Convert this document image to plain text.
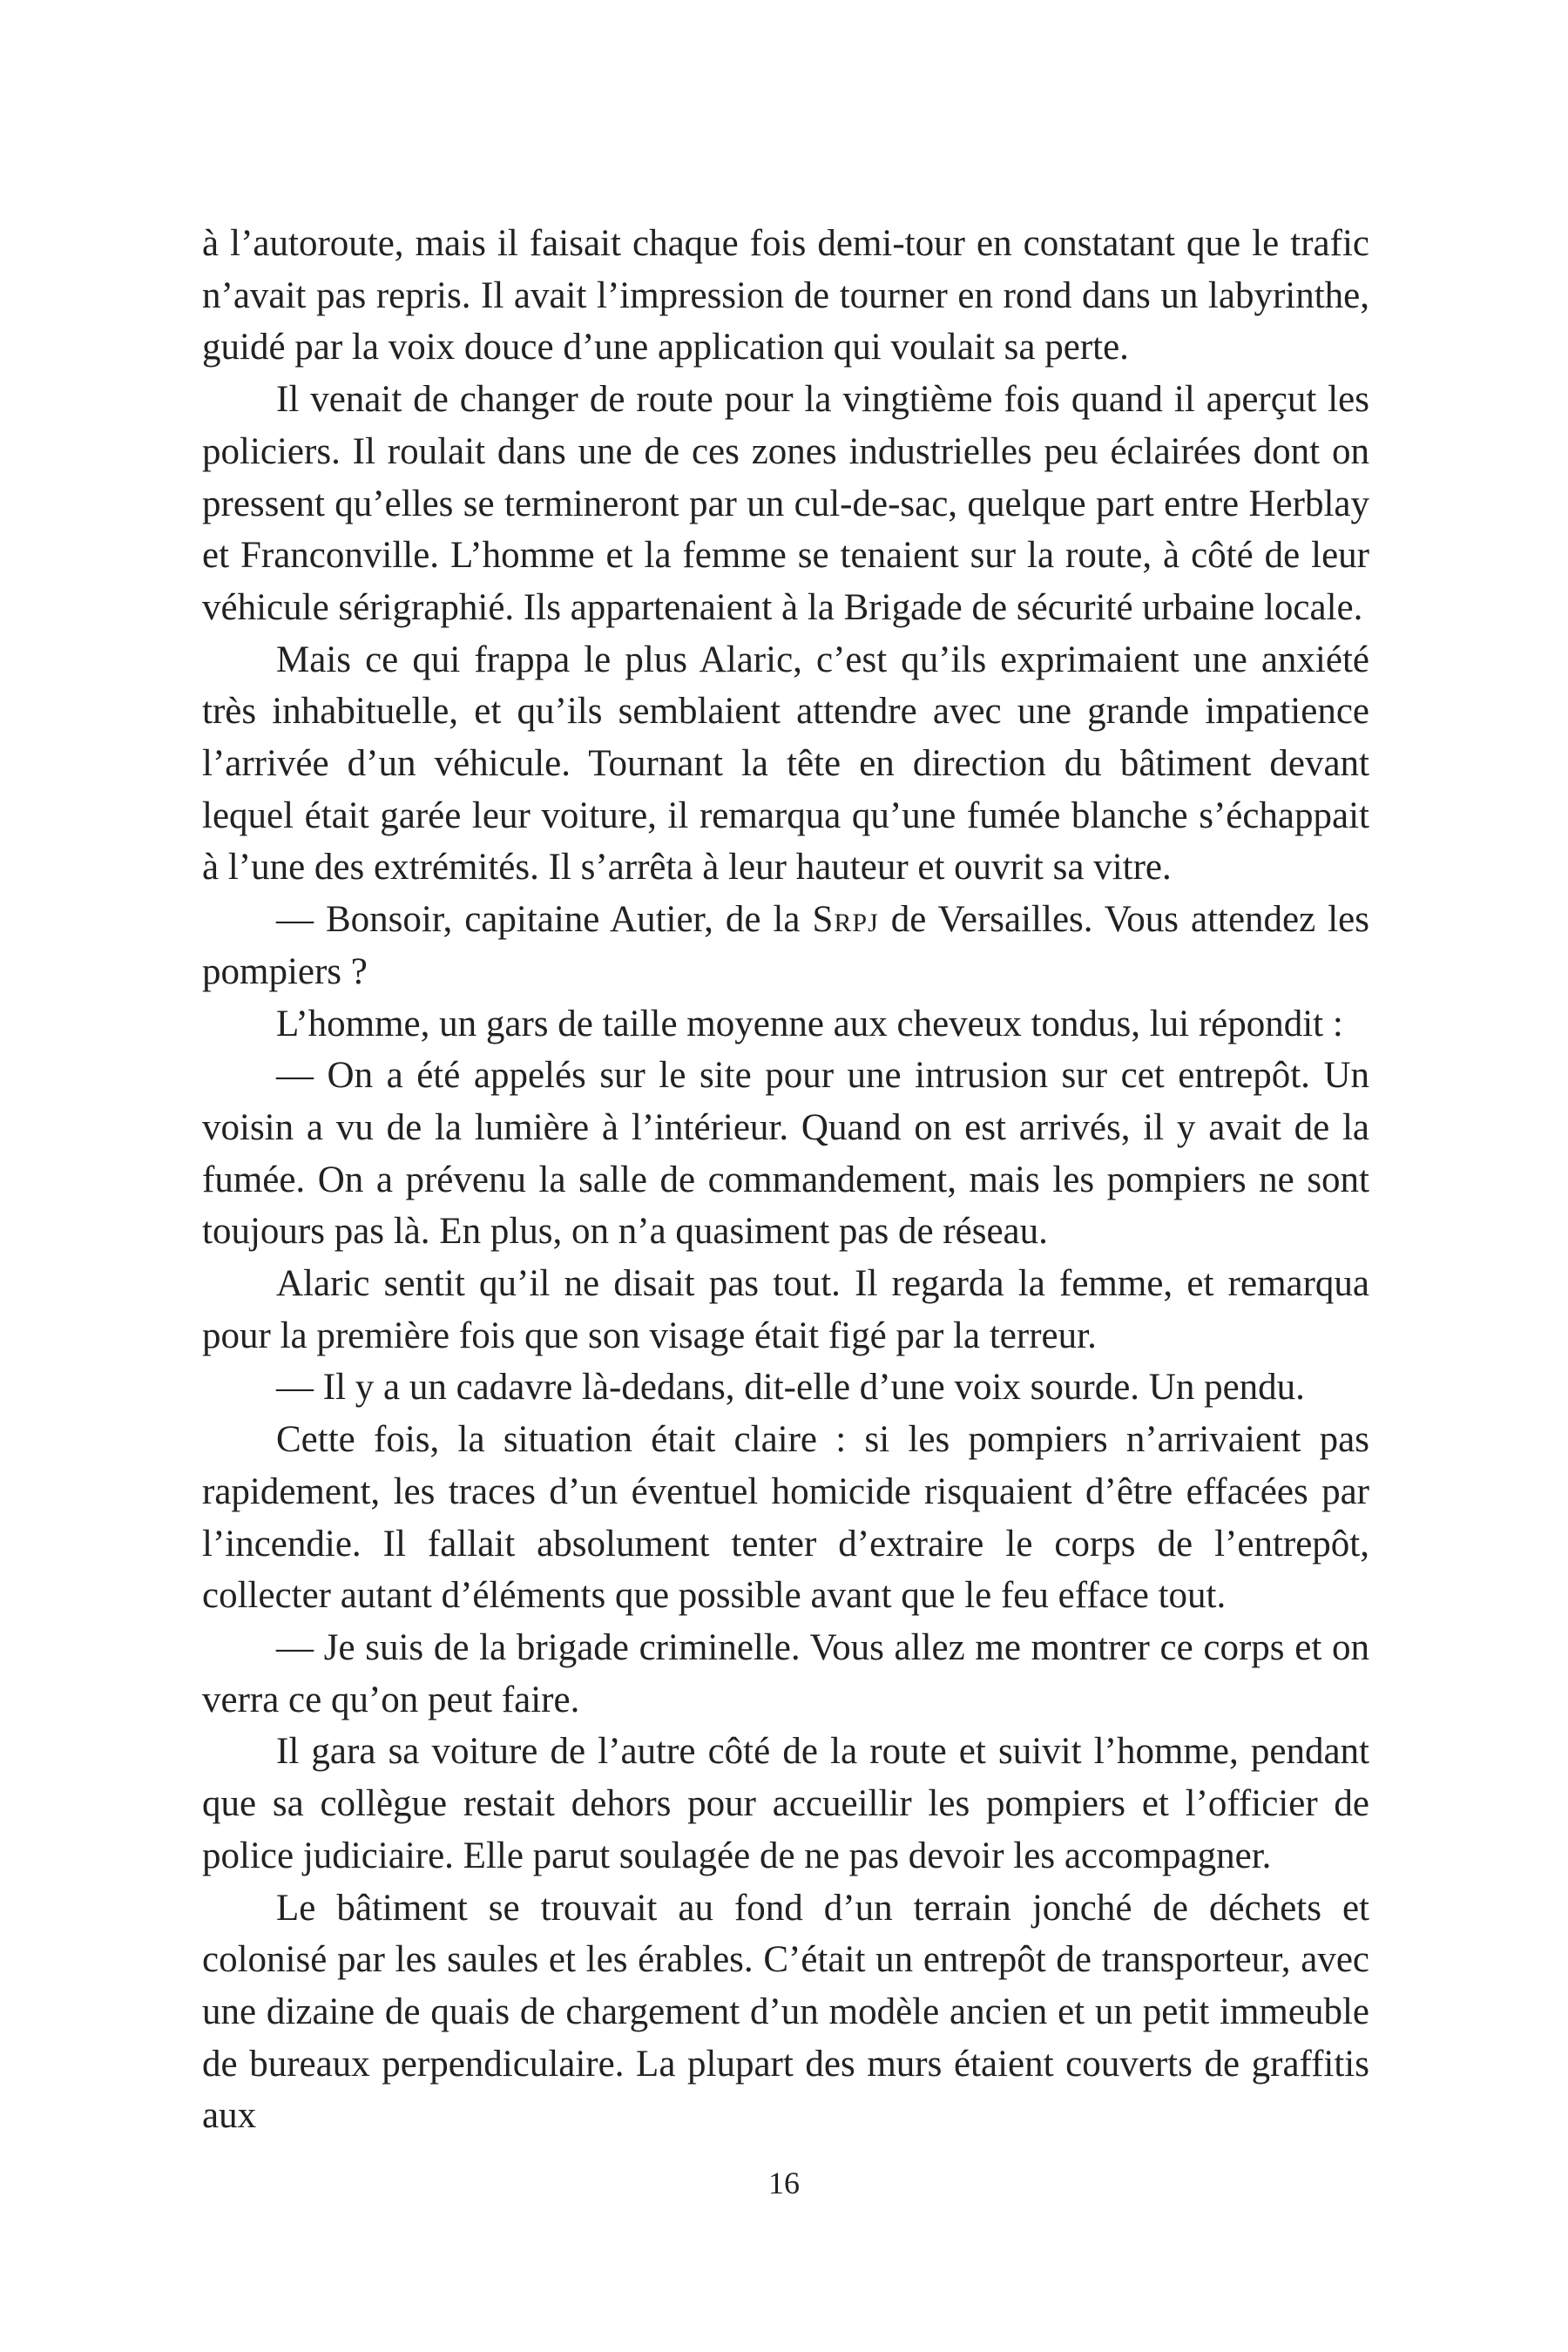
à l’autoroute, mais il faisait chaque fois demi-tour en constatant que le trafic n’avait pas repris. Il avait l’impression de tourner en rond dans un labyrinthe, guidé par la voix douce d’une application qui voulait sa perte.

Il venait de changer de route pour la vingtième fois quand il aperçut les policiers. Il roulait dans une de ces zones industrielles peu éclairées dont on pressent qu’elles se termineront par un cul-de-sac, quelque part entre Herblay et Franconville. L’homme et la femme se tenaient sur la route, à côté de leur véhicule sérigraphié. Ils appartenaient à la Brigade de sécurité urbaine locale.

Mais ce qui frappa le plus Alaric, c’est qu’ils exprimaient une anxiété très inhabituelle, et qu’ils semblaient attendre avec une grande impatience l’arrivée d’un véhicule. Tournant la tête en direction du bâtiment devant lequel était garée leur voiture, il remarqua qu’une fumée blanche s’échappait à l’une des extrémités. Il s’arrêta à leur hauteur et ouvrit sa vitre.

— Bonsoir, capitaine Autier, de la Srpj de Versailles. Vous attendez les pompiers ?

L’homme, un gars de taille moyenne aux cheveux tondus, lui répondit :

— On a été appelés sur le site pour une intrusion sur cet entrepôt. Un voisin a vu de la lumière à l’intérieur. Quand on est arrivés, il y avait de la fumée. On a prévenu la salle de commandement, mais les pompiers ne sont toujours pas là. En plus, on n’a quasiment pas de réseau.

Alaric sentit qu’il ne disait pas tout. Il regarda la femme, et remarqua pour la première fois que son visage était figé par la terreur.

— Il y a un cadavre là-dedans, dit-elle d’une voix sourde. Un pendu.

Cette fois, la situation était claire : si les pompiers n’arrivaient pas rapidement, les traces d’un éventuel homicide risquaient d’être effacées par l’incendie. Il fallait absolument tenter d’extraire le corps de l’entrepôt, collecter autant d’éléments que possible avant que le feu efface tout.

— Je suis de la brigade criminelle. Vous allez me montrer ce corps et on verra ce qu’on peut faire.

Il gara sa voiture de l’autre côté de la route et suivit l’homme, pendant que sa collègue restait dehors pour accueillir les pompiers et l’officier de police judiciaire. Elle parut soulagée de ne pas devoir les accompagner.

Le bâtiment se trouvait au fond d’un terrain jonché de déchets et colonisé par les saules et les érables. C’était un entrepôt de transporteur, avec une dizaine de quais de chargement d’un modèle ancien et un petit immeuble de bureaux perpendiculaire. La plupart des murs étaient couverts de graffitis aux

16
